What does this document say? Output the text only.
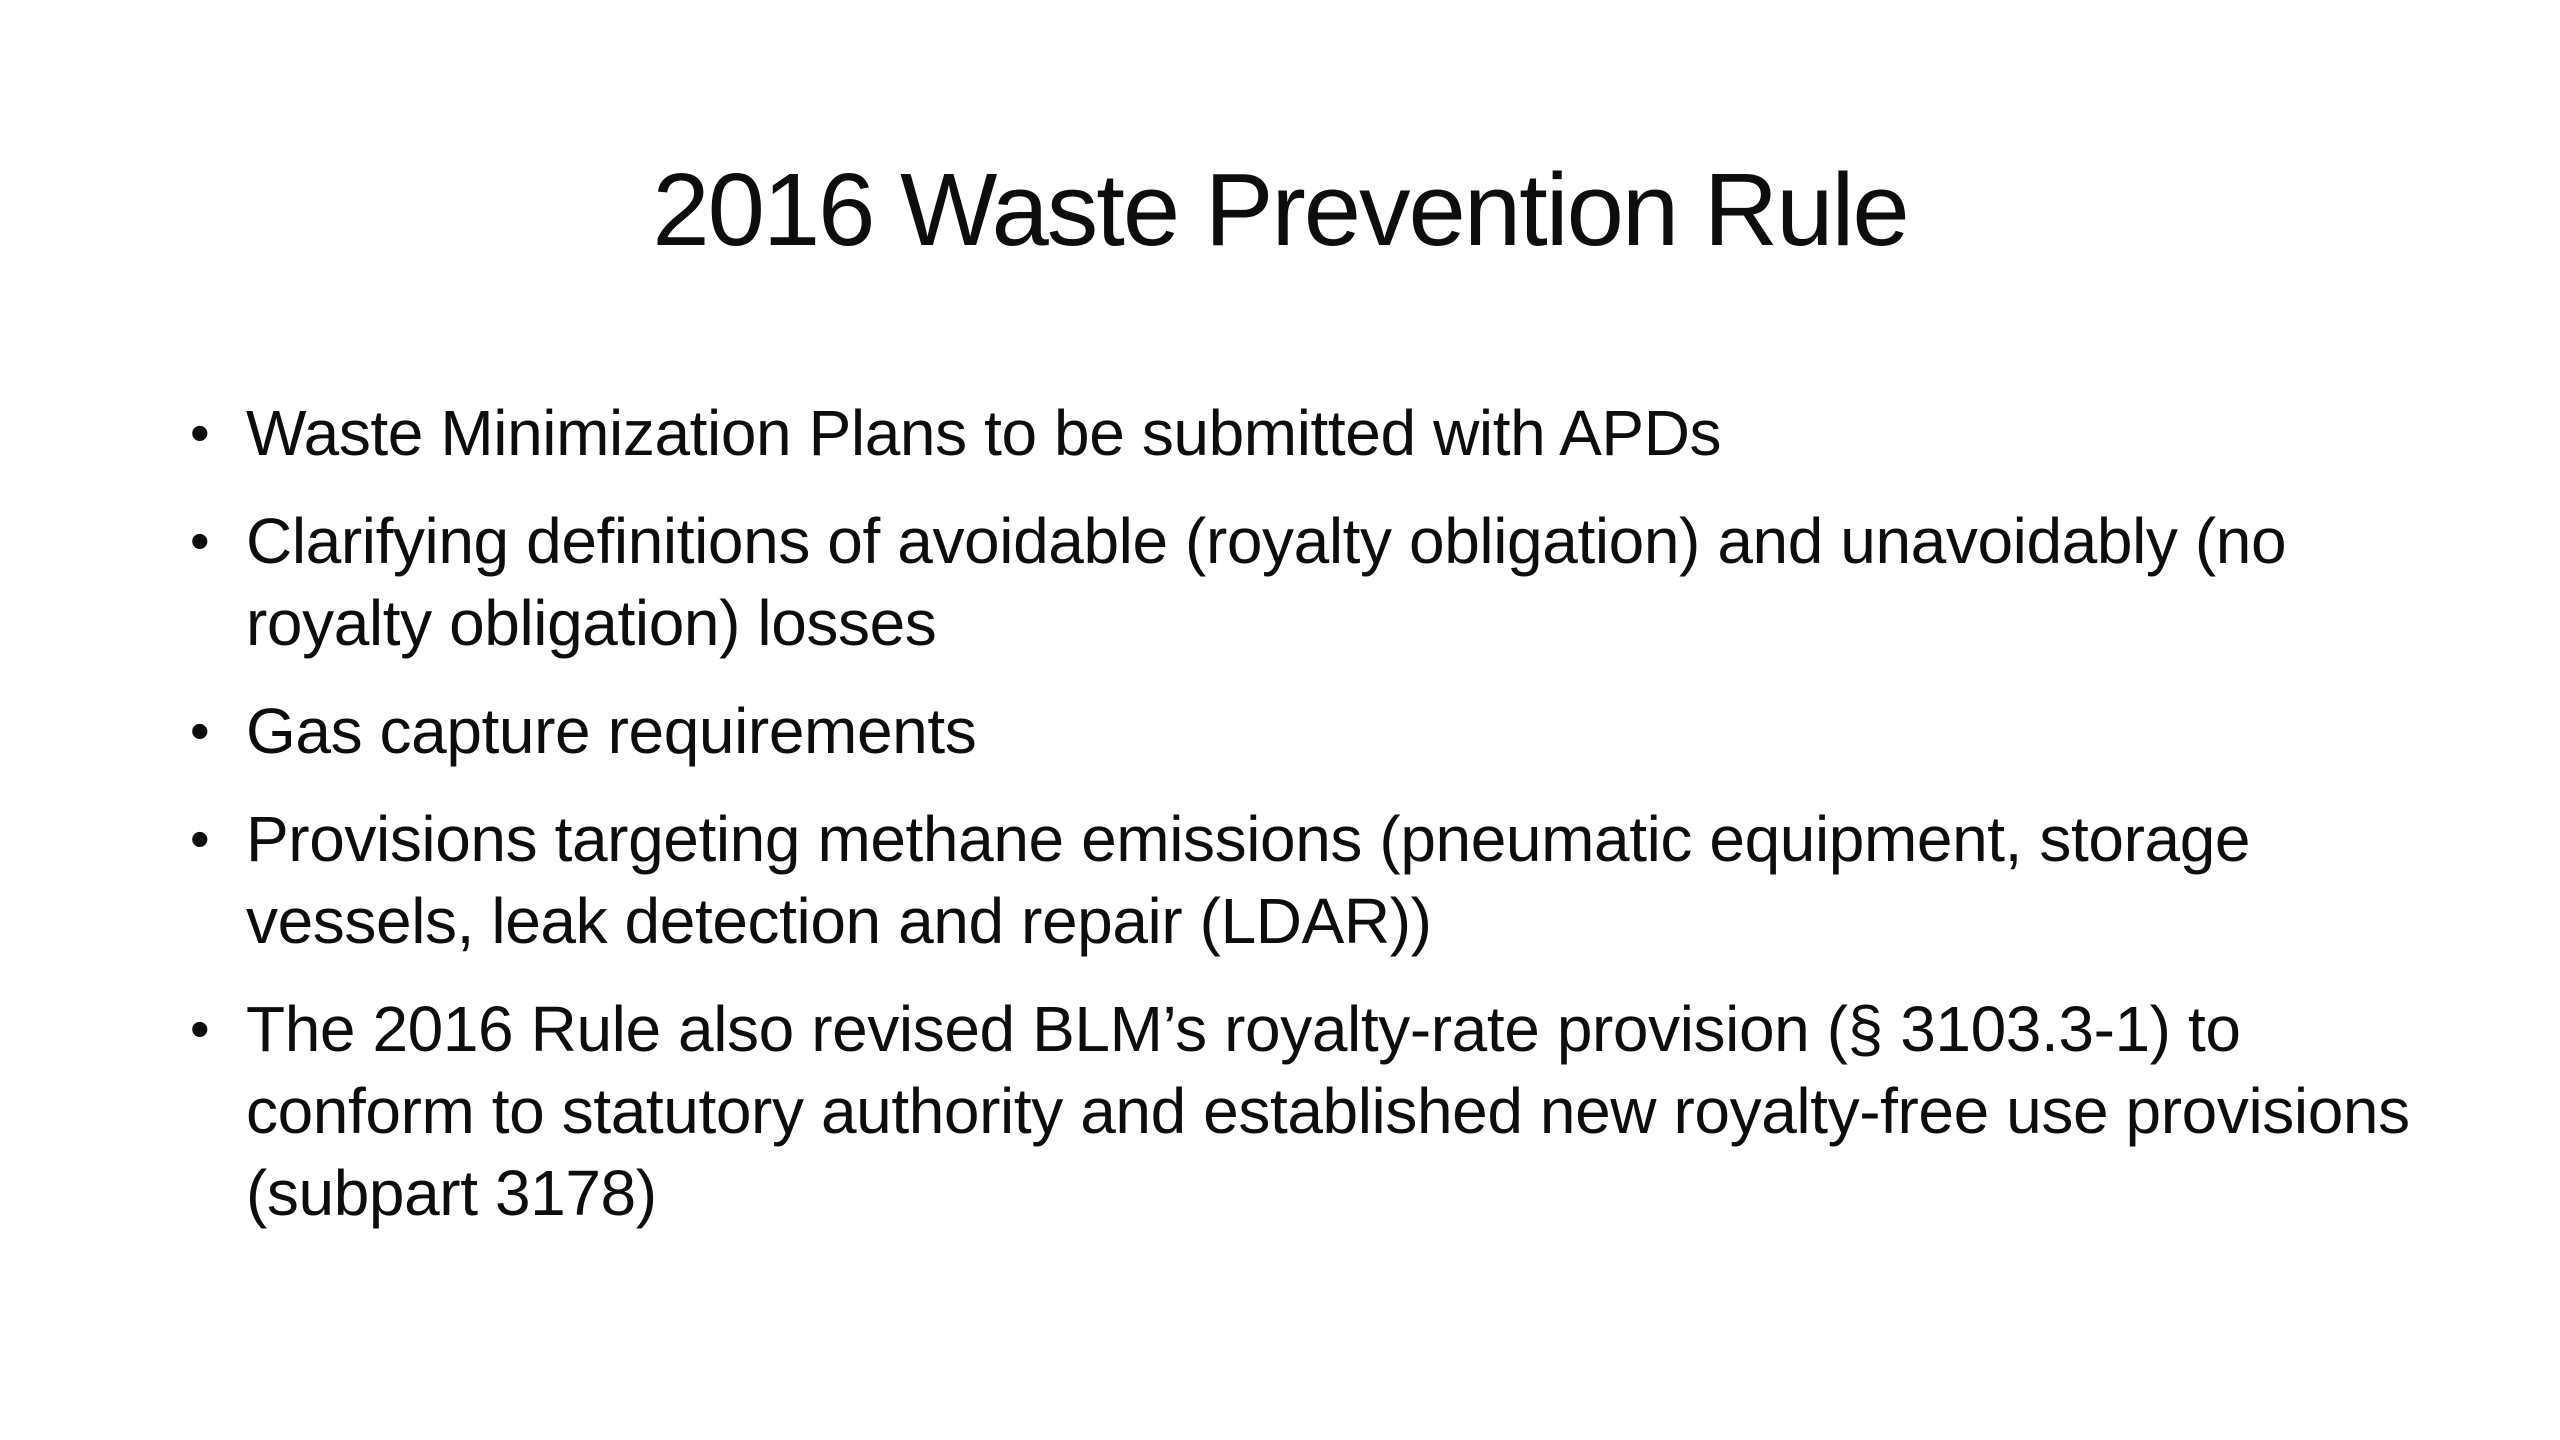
2016 Waste Prevention Rule
• Waste Minimization Plans to be submitted with APDs
• Clarifying definitions of avoidable (royalty obligation) and unavoidably (no royalty obligation) losses
• Gas capture requirements
• Provisions targeting methane emissions (pneumatic equipment, storage vessels, leak detection and repair (LDAR))
• The 2016 Rule also revised BLM’s royalty-rate provision (§ 3103.3-1) to conform to statutory authority and established new royalty-free use provisions (subpart 3178)
